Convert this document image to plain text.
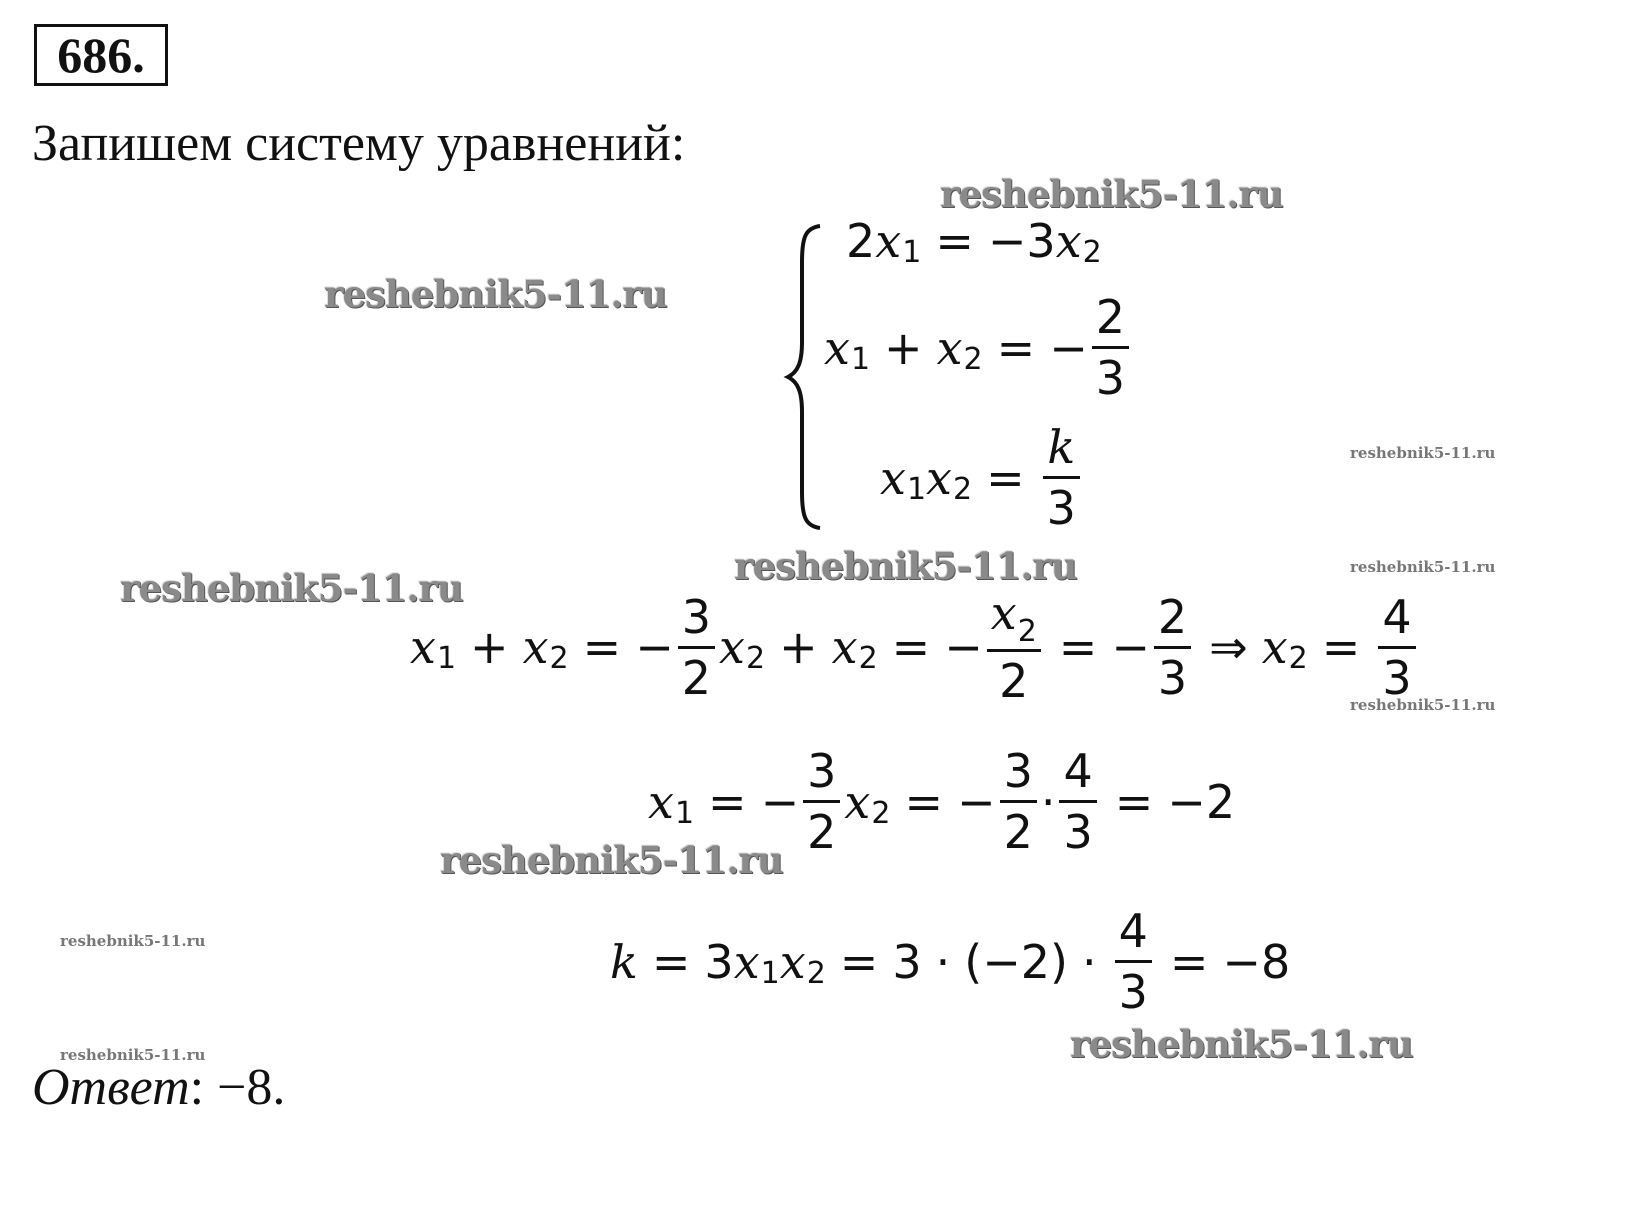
686.
Запишем систему уравнений:
reshebnik5-11.ru
reshebnik5-11.ru
reshebnik5-11.ru
reshebnik5-11.ru
reshebnik5-11.ru
reshebnik5-11.ru
reshebnik5-11.ru
reshebnik5-11.ru
reshebnik5-11.ru
reshebnik5-11.ru
reshebnik5-11.ru
2 x 1 = −3 x 2
x 1 + x 2 = − $\frac{2}{3}$
x 1 x $2 = \frac{k}{3}$
x 1 + x 2 = − $\frac{3}{2}$ x 2 + x 2 = − $\frac{x_2}{2}$ = − $\frac{2}{3}$ ⇒ x $2 = \frac{4}{3}$
x 1 = − $\frac{3}{2}$ x 2 = − $\frac{3}{2} \cdot \frac{4}{3} = -2$
k = 3 x 1 x $2 = 3 \cdot (-2) \cdot \frac{4}{3} = -8$
Ответ: −8.
